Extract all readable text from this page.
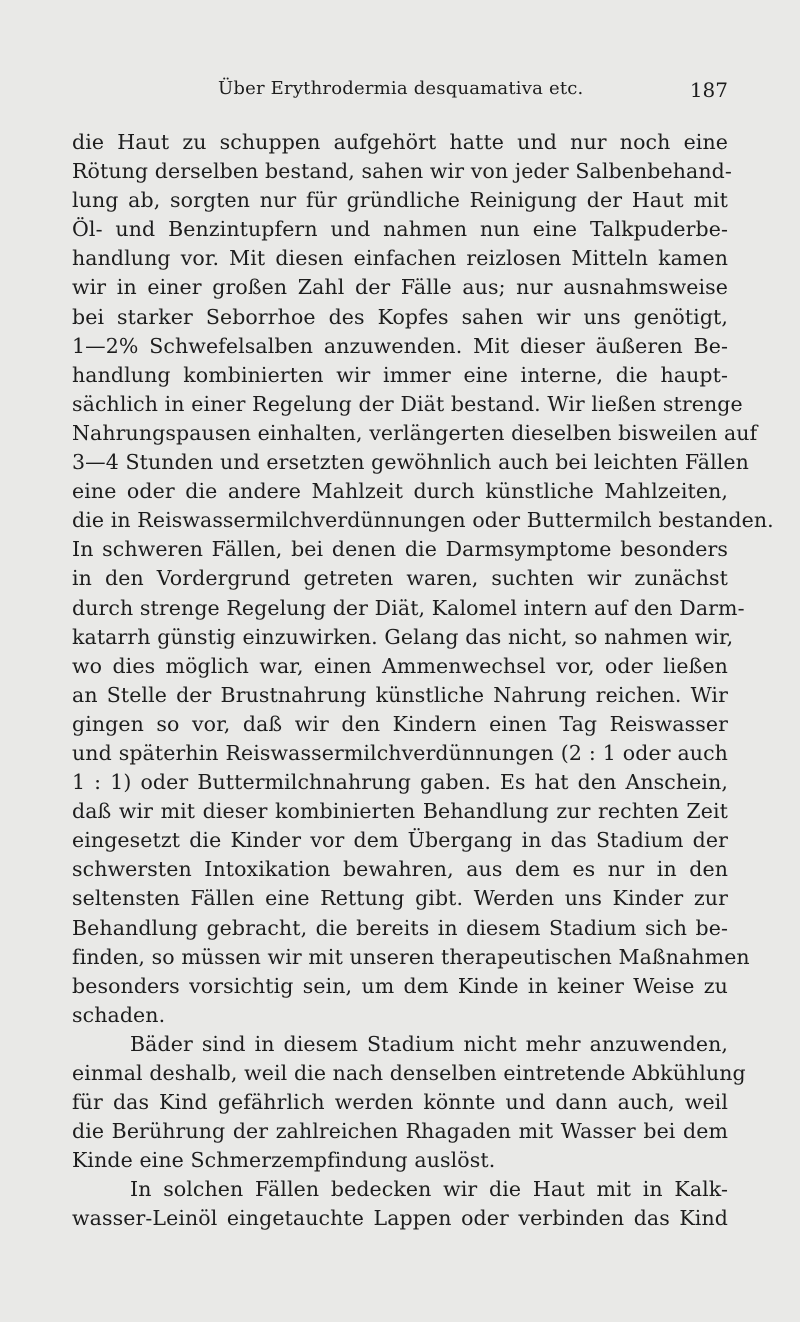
Über Erythrodermia desquamativa etc.	187
die Haut zu schuppen aufgehört hatte und nur noch eine
Rötung derselben bestand, sahen wir von jeder Salbenbehand-
lung ab, sorgten nur für gründliche Reinigung der Haut mit
Öl- und Benzintupfern und nahmen nun eine Talkpuderbe-
handlung vor. Mit diesen einfachen reizlosen Mitteln kamen
wir in einer großen Zahl der Fälle aus; nur ausnahmsweise
bei starker Seborrhoe des Kopfes sahen wir uns genötigt,
1—2% Schwefelsalben anzuwenden. Mit dieser äußeren Be-
handlung kombinierten wir immer eine interne, die haupt-
sächlich in einer Regelung der Diät bestand. Wir ließen strenge
Nahrungspausen einhalten, verlängerten dieselben bisweilen auf
3—4 Stunden und ersetzten gewöhnlich auch bei leichten Fällen
eine oder die andere Mahlzeit durch künstliche Mahlzeiten,
die in Reiswassermilchverdünnungen oder Buttermilch bestanden.
In schweren Fällen, bei denen die Darmsymptome besonders
in den Vordergrund getreten waren, suchten wir zunächst
durch strenge Regelung der Diät, Kalomel intern auf den Darm-
katarrh günstig einzuwirken. Gelang das nicht, so nahmen wir,
wo dies möglich war, einen Ammenwechsel vor, oder ließen
an Stelle der Brustnahrung künstliche Nahrung reichen. Wir
gingen so vor, daß wir den Kindern einen Tag Reiswasser
und späterhin Reiswassermilchverdünnungen (2 : 1 oder auch
1 : 1) oder Buttermilchnahrung gaben. Es hat den Anschein,
daß wir mit dieser kombinierten Behandlung zur rechten Zeit
eingesetzt die Kinder vor dem Übergang in das Stadium der
schwersten Intoxikation bewahren, aus dem es nur in den
seltensten Fällen eine Rettung gibt. Werden uns Kinder zur
Behandlung gebracht, die bereits in diesem Stadium sich be-
finden, so müssen wir mit unseren therapeutischen Maßnahmen
besonders vorsichtig sein, um dem Kinde in keiner Weise zu
schaden.
Bäder sind in diesem Stadium nicht mehr anzuwenden,
einmal deshalb, weil die nach denselben eintretende Abkühlung
für das Kind gefährlich werden könnte und dann auch, weil
die Berührung der zahlreichen Rhagaden mit Wasser bei dem
Kinde eine Schmerzempfindung auslöst.
In solchen Fällen bedecken wir die Haut mit in Kalk-
wasser-Leinöl eingetauchte Lappen oder verbinden das Kind
